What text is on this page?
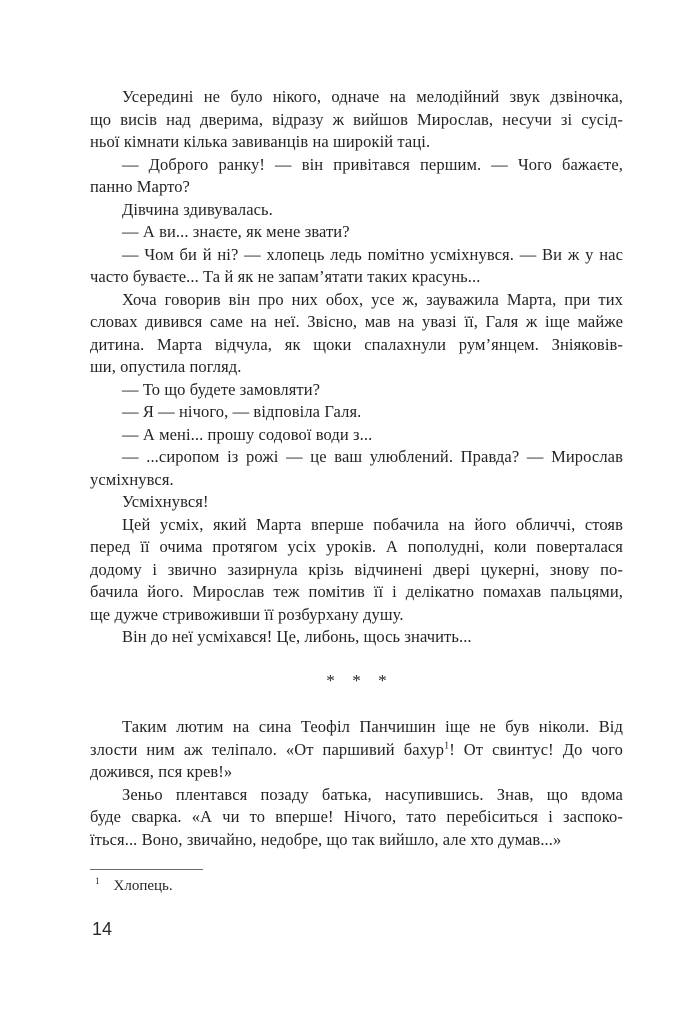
Усередині не було нікого, одначе на мелодійний звук дзвіночка,
що висів над дверима, відразу ж вийшов Мирослав, несучи зі сусід-
ньої кімнати кілька завиванців на широкій таці.
— Доброго ранку! — він привітався першим. — Чого бажаєте,
панно Марто?
Дівчина здивувалась.
— А ви... знаєте, як мене звати?
— Чом би й ні? — хлопець ледь помітно усміхнувся. — Ви ж у нас
часто буваєте... Та й як не запам’ятати таких красунь...
Хоча говорив він про них обох, усе ж, зауважила Марта, при тих
словах дивився саме на неї. Звісно, мав на увазі її, Галя ж іще майже
дитина. Марта відчула, як щоки спалахнули рум’янцем. Зніяковів-
ши, опустила погляд.
— То що будете замовляти?
— Я — нічого, — відповіла Галя.
— А мені... прошу содової води з...
— ...сиропом із рожі — це ваш улюблений. Правда? — Мирослав
усміхнувся.
Усміхнувся!
Цей усміх, який Марта вперше побачила на його обличчі, стояв
перед її очима протягом усіх уроків. А пополудні, коли поверталася
додому і звично зазирнула крізь відчинені двері цукерні, знову по-
бачила його. Мирослав теж помітив її і делікатно помахав пальцями,
ще дужче стривоживши її розбурхану душу.
Він до неї усміхався! Це, либонь, щось значить...
* * *
Таким лютим на сина Теофіл Панчишин іще не був ніколи. Від
злости ним аж теліпало. «От паршивий бахур$^1$! От свинтус! До чого
дожився, пся крев!»
Зеньо плентався позаду батька, насупившись. Знав, що вдома
буде сварка. «А чи то вперше! Нічого, тато перебіситься і заспоко-
їться... Воно, звичайно, недобре, що так вийшло, але хто думав...»
$^1$ Хлопець.
14
